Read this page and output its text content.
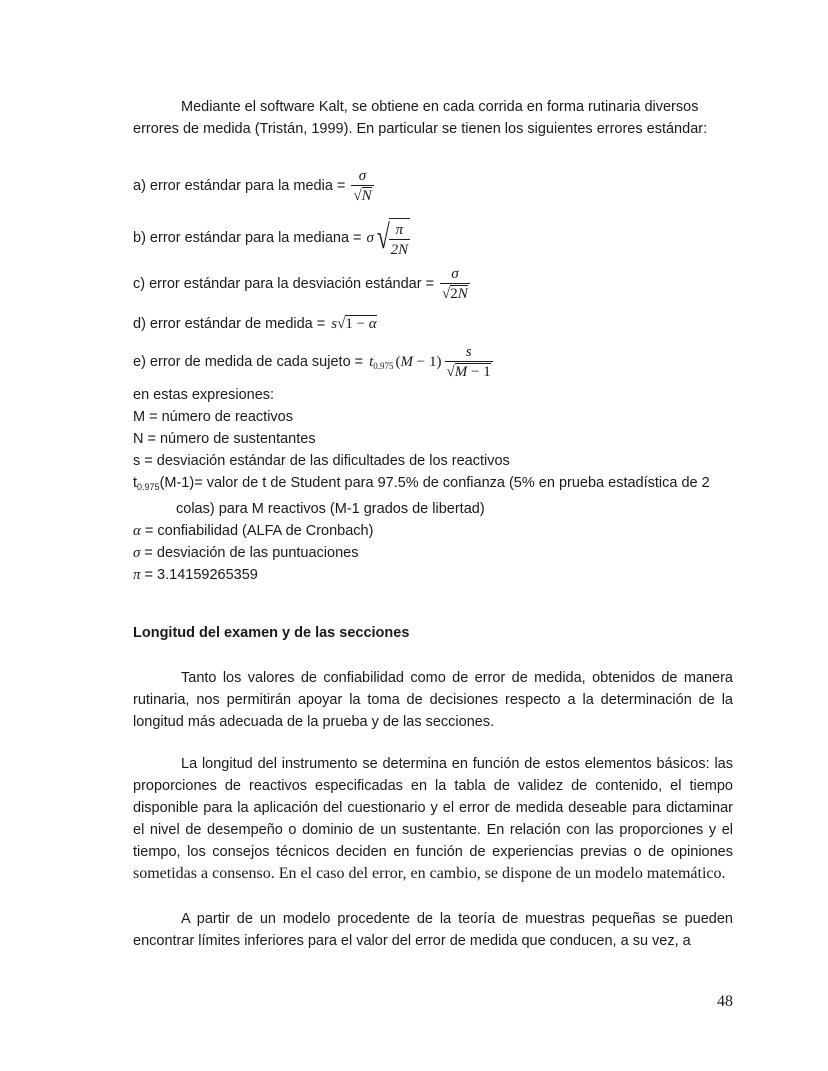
Mediante el software Kalt, se obtiene en cada corrida en forma rutinaria diversos

errores de medida (Tristán, 1999). En particular se tienen los siguientes errores estándar:

a) error estándar para la media = $\frac{\sigma}{√N}$
b) error estándar para la mediana = σ√
$\frac{\pi}{2N}$
c) error estándar para la desviación estándar = $\frac{\sigma}{√2N}$
d) error estándar de medida = s√1 − α
e) error de medida de cada sujeto = $t_{0.975}$ $(M - 1) \frac{s}{√M - 1}$

en estas expresiones:

M = número de reactivos

N = número de sustentantes

s = desviación estándar de las dificultades de los reactivos

$t_{0.975}(M-1)=$ valor de t de Student para 97.5% de confianza (5% en prueba estadística de 2 colas) para M reactivos (M-1 grados de libertad)

α = confiabilidad (ALFA de Cronbach)

σ = desviación de las puntuaciones

π = 3.14159265359

Longitud del examen y de las secciones

Tanto los valores de confiabilidad como de error de medida, obtenidos de manera rutinaria, nos permitirán apoyar la toma de decisiones respecto a la determinación de la longitud más adecuada de la prueba y de las secciones.

La longitud del instrumento se determina en función de estos elementos básicos: las proporciones de reactivos especificadas en la tabla de validez de contenido, el tiempo disponible para la aplicación del cuestionario y el error de medida deseable para dictaminar el nivel de desempeño o dominio de un sustentante. En relación con las proporciones y el tiempo, los consejos técnicos deciden en función de experiencias previas o de opiniones sometidas a consenso. En el caso del error, en cambio, se dispone de un modelo matemático.

A partir de un modelo procedente de la teoría de muestras pequeñas se pueden encontrar límites inferiores para el valor del error de medida que conducen, a su vez, a

48
